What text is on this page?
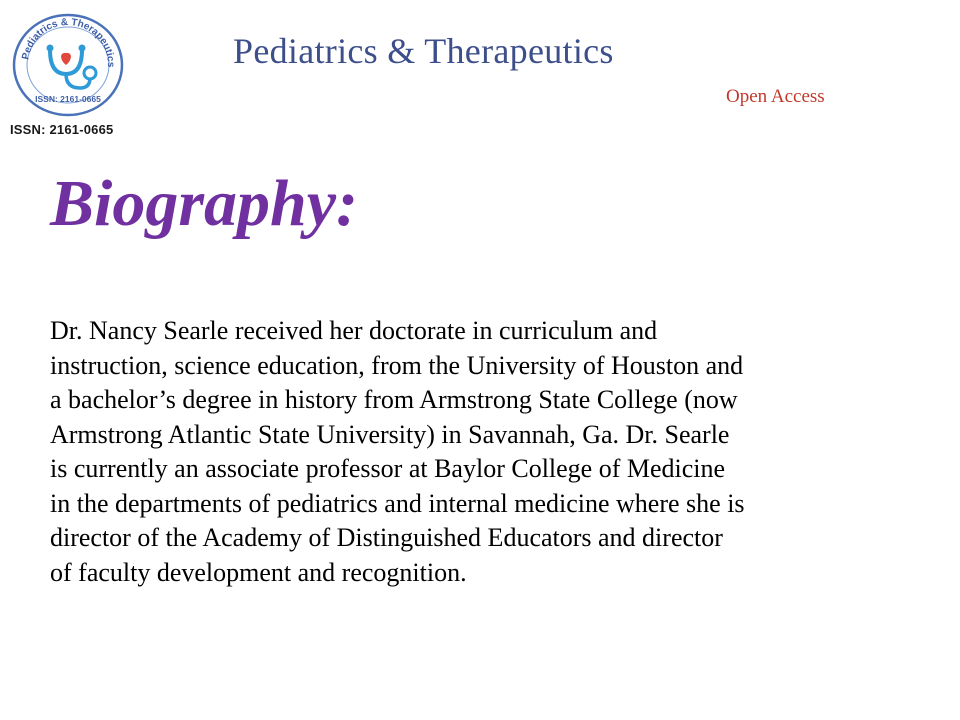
Pediatrics & Therapeutics
ISSN: 2161-0665
ISSN: 2161-0665
Pediatrics & Therapeutics
Open Access
Biography:

Dr. Nancy Searle received her doctorate in curriculum and
instruction, science education, from the University of Houston and
a bachelor’s degree in history from Armstrong State College (now
Armstrong Atlantic State University) in Savannah, Ga. Dr. Searle
is currently an associate professor at Baylor College of Medicine
in the departments of pediatrics and internal medicine where she is
director of the Academy of Distinguished Educators and director
of faculty development and recognition.
